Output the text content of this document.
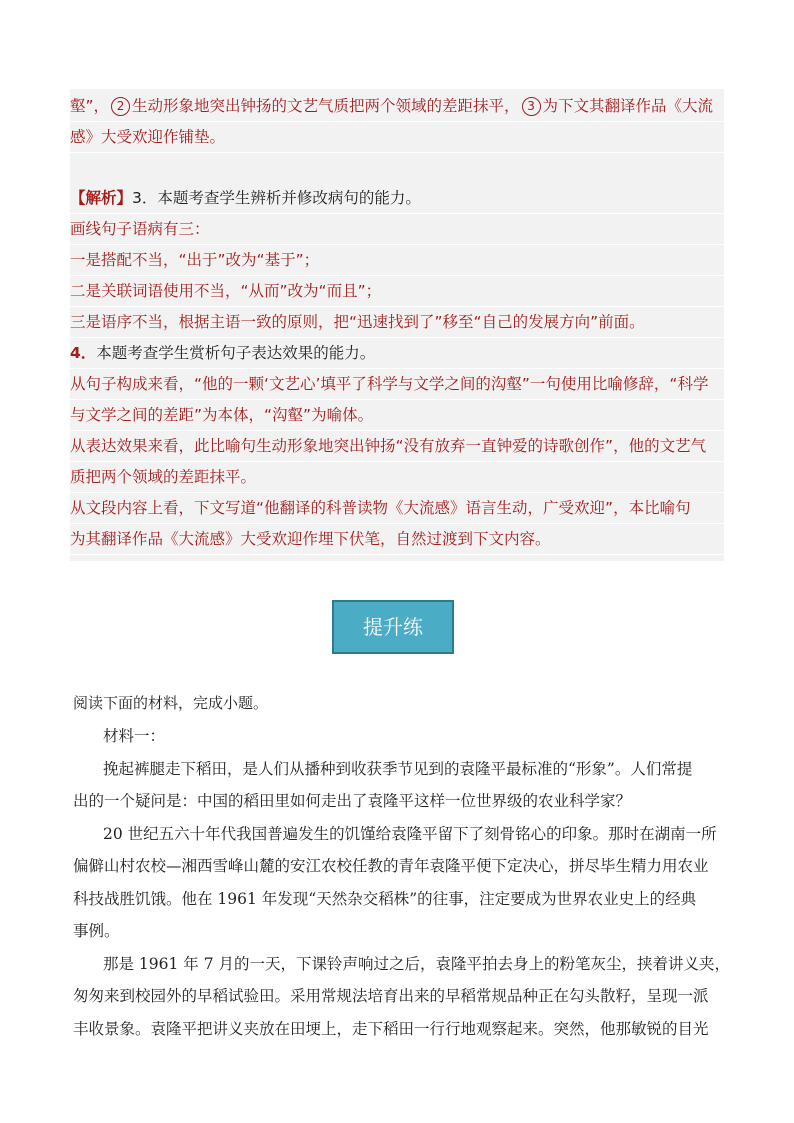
壑”， 2 生动形象地突出钟扬的文艺气质把两个领域的差距抹平， 3 为下文其翻译作品《大流
感》大受欢迎作铺垫。
【解析】3．本题考查学生辨析并修改病句的能力。
画线句子语病有三：
一是搭配不当，“出于”改为“基于”；
二是关联词语使用不当，“从而”改为“而且”；
三是语序不当，根据主语一致的原则，把“迅速找到了”移至“自己的发展方向”前面。
4．本题考查学生赏析句子表达效果的能力。
从句子构成来看，“他的一颗‘文艺心’填平了科学与文学之间的沟壑”一句使用比喻修辞，“科学
与文学之间的差距”为本体，“沟壑”为喻体。
从表达效果来看，此比喻句生动形象地突出钟扬“没有放弃一直钟爱的诗歌创作”，他的文艺气
质把两个领域的差距抹平。
从文段内容上看，下文写道“他翻译的科普读物《大流感》语言生动，广受欢迎”，本比喻句
为其翻译作品《大流感》大受欢迎作埋下伏笔，自然过渡到下文内容。
提升练
阅读下面的材料，完成小题。

材料一：

挽起裤腿走下稻田，是人们从播种到收获季节见到的袁隆平最标准的“形象”。人们常提

出的一个疑问是：中国的稻田里如何走出了袁隆平这样一位世界级的农业科学家？

20 世纪五六十年代我国普遍发生的饥馑给袁隆平留下了刻骨铭心的印象。那时在湖南一所

偏僻山村农校—湘西雪峰山麓的安江农校任教的青年袁隆平便下定决心，拼尽毕生精力用农业

科技战胜饥饿。他在 1961 年发现“天然杂交稻株”的往事，注定要成为世界农业史上的经典

事例。

那是 1961 年 7 月的一天，下课铃声响过之后，袁隆平拍去身上的粉笔灰尘，挟着讲义夹，

匆匆来到校园外的早稻试验田。采用常规法培育出来的早稻常规品种正在勾头散籽，呈现一派

丰收景象。袁隆平把讲义夹放在田埂上，走下稻田一行行地观察起来。突然，他那敏锐的目光
